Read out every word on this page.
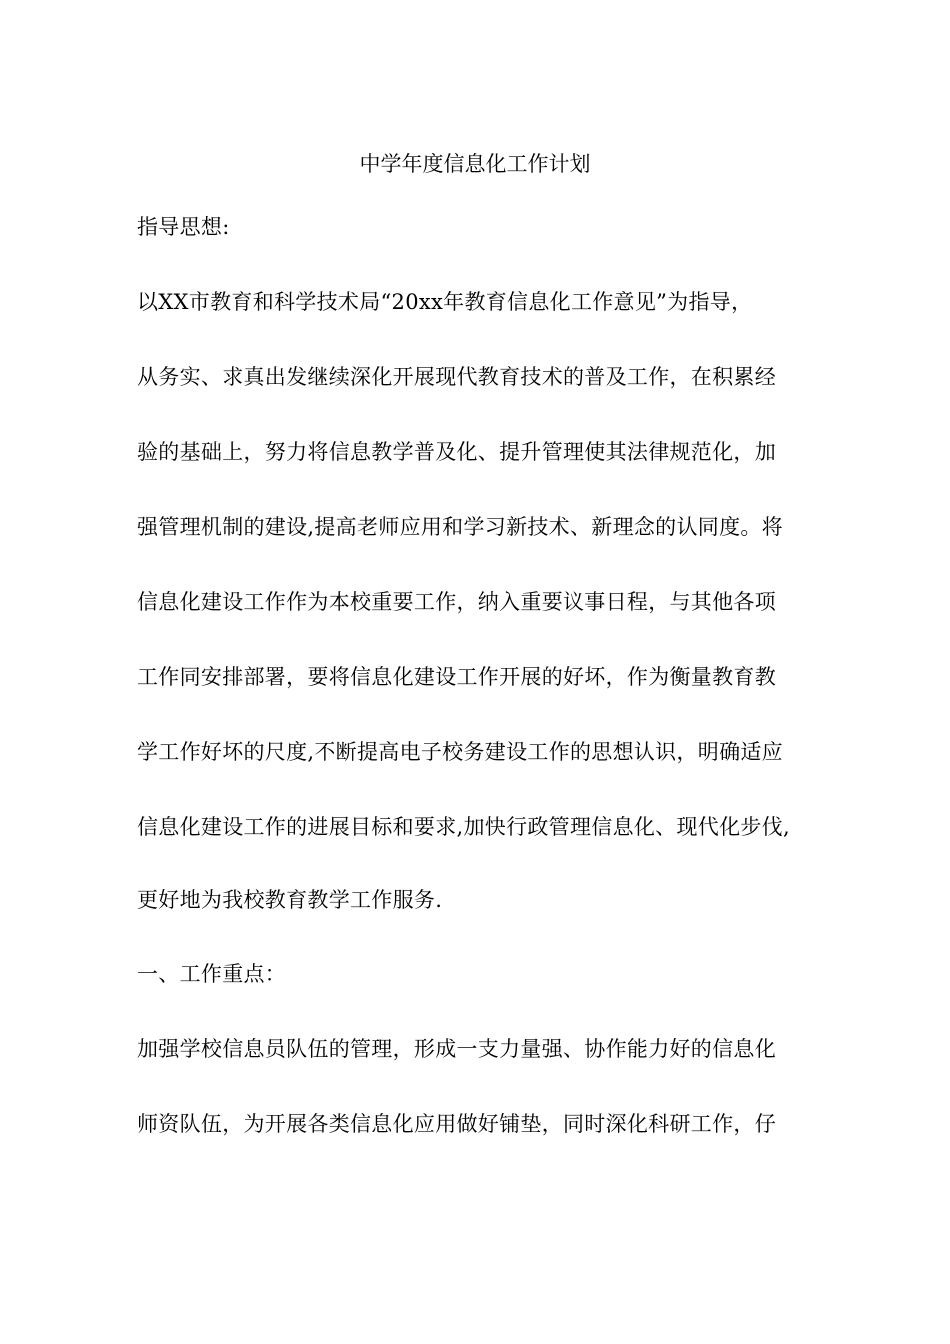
中学年度信息化工作计划
指导思想:
以XX市教育和科学技术局“20xx年教育信息化工作意见”为指导，
从务实、求真出发继续深化开展现代教育技术的普及工作，在积累经
验的基础上，努力将信息教学普及化、提升管理使其法律规范化，加
强管理机制的建设,提高老师应用和学习新技术、新理念的认同度。将
信息化建设工作作为本校重要工作，纳入重要议事日程，与其他各项
工作同安排部署，要将信息化建设工作开展的好坏，作为衡量教育教
学工作好坏的尺度,不断提高电子校务建设工作的思想认识，明确适应
信息化建设工作的进展目标和要求,加快行政管理信息化、现代化步伐,
更好地为我校教育教学工作服务.
一、工作重点：
加强学校信息员队伍的管理，形成一支力量强、协作能力好的信息化
师资队伍，为开展各类信息化应用做好铺垫，同时深化科研工作，仔
